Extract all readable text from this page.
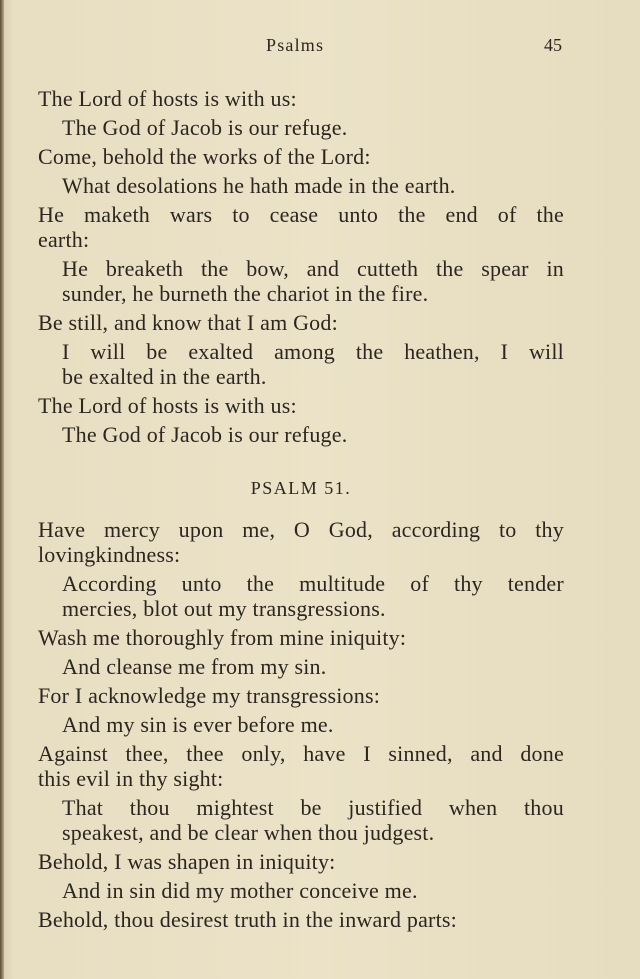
Psalms	45
The Lord of hosts is with us:
The God of Jacob is our refuge.
Come, behold the works of the Lord:
What desolations he hath made in the earth.
He maketh wars to cease unto the end of the
earth:
He breaketh the bow, and cutteth the spear in
sunder, he burneth the chariot in the fire.
Be still, and know that I am God:
I will be exalted among the heathen, I will
be exalted in the earth.
The Lord of hosts is with us:
The God of Jacob is our refuge.
PSALM 51.
Have mercy upon me, O God, according to thy
lovingkindness:
According unto the multitude of thy tender
mercies, blot out my transgressions.
Wash me thoroughly from mine iniquity:
And cleanse me from my sin.
For I acknowledge my transgressions:
And my sin is ever before me.
Against thee, thee only, have I sinned, and done
this evil in thy sight:
That thou mightest be justified when thou
speakest, and be clear when thou judgest.
Behold, I was shapen in iniquity:
And in sin did my mother conceive me.
Behold, thou desirest truth in the inward parts:
